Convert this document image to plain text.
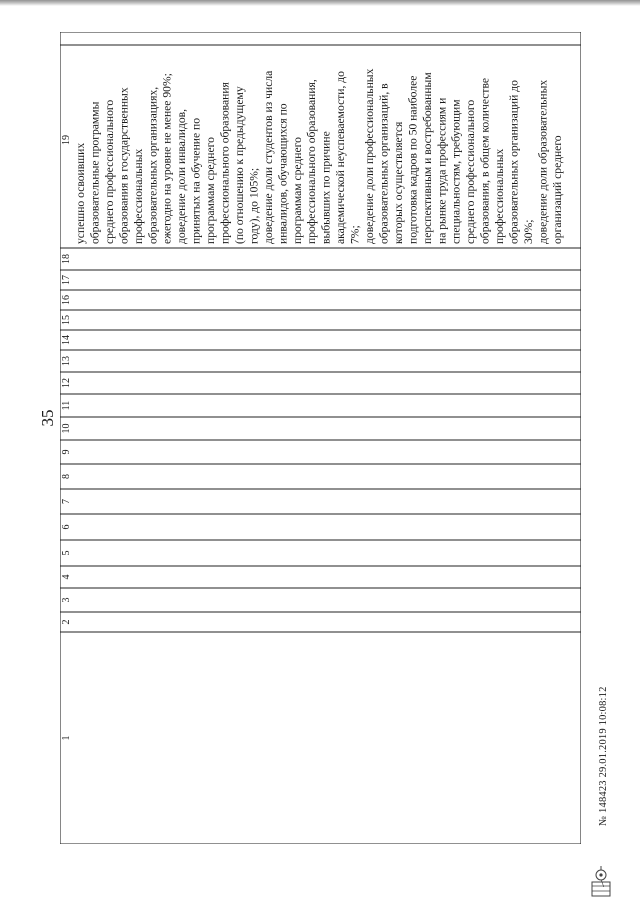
35
19
18
17
16
15
14
13
12
11
10
9
8
7
6
5
4
3
2
1
успешно освоивших образовательные программы среднего профессионального образования в государственных профессиональных образовательных организациях, ежегодно на уровне не менее 90%; доведение доли инвалидов, принятых на обучение по программам среднего профессионального образования (по отношению к предыдущему году), до 105%; доведение доли студентов из числа инвалидов, обучающихся по программам среднего профессионального образования, выбывших по причине академической неуспеваемости, до 7%; доведение доли профессиональных образовательных организаций, в которых осуществляется подготовка кадров по 50 наиболее перспективным и востребованным на рынке труда профессиям и специальностям, требующим среднего профессионального образования, в общем количестве профессиональных образовательных организаций до 30%; доведение доли образовательных организаций среднего
№ 148423 29.01.2019 10:08:12
\
